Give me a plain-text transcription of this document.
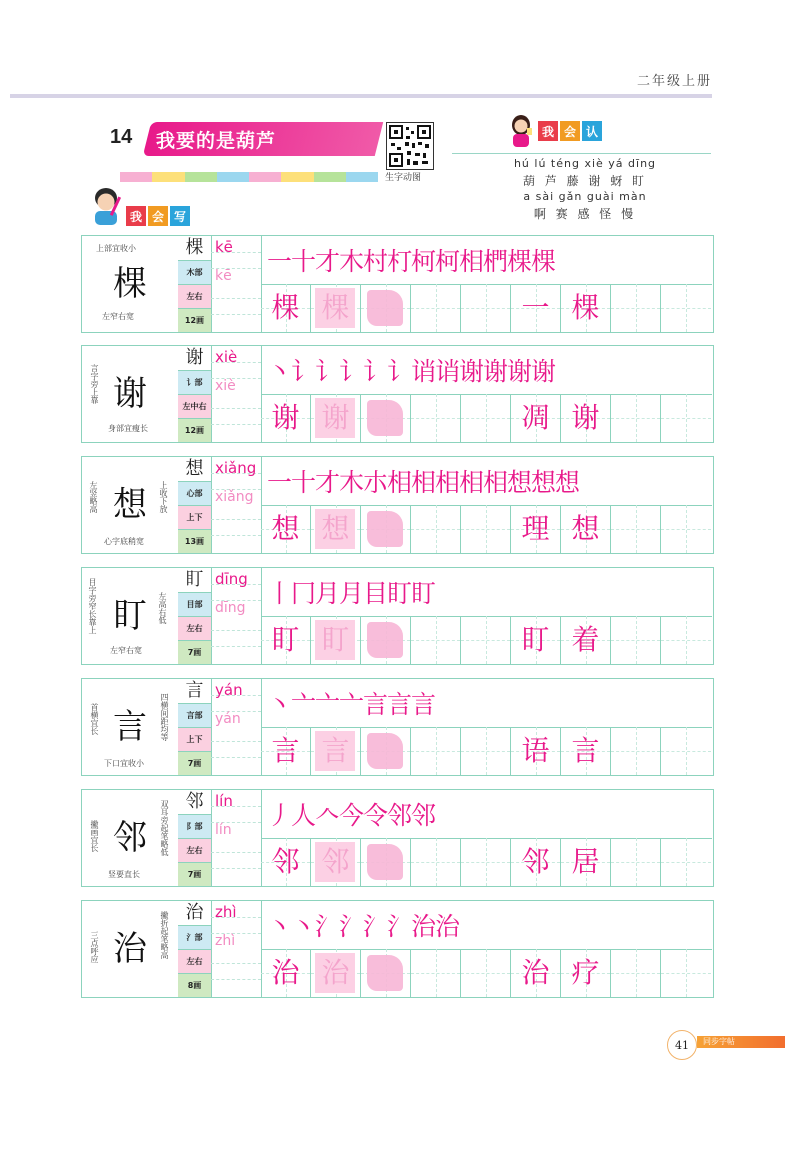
二年级上册
14 我要的是葫芦
生字动图
我 会 认
hú lú téng xiè yá dīng
葫 芦 藤 谢 蚜 盯
a sài gǎn guài màn
啊 赛 感 怪 慢
我 会 写
棵
上部宜收小
左窄右宽
棵
木部
左右
12画
kē
kē 一十才木村朾柯柯相椚棵棵
棵 棵	一 棵
谢
言字旁上靠
身部宜瘦长
谢
讠部
左中右
12画
xiè
xiè 丶讠讠讠讠讠诮诮谢谢谢谢
谢 谢	凋 谢
想
左竖略高	上收下放
心字底稍宽
想
心部
上下
13画
xiǎng
xiǎng 一十才木朩相相相相相想想想
想 想	理 想
盯
目字旁窄长靠上	左高右低
左窄右宽
盯
目部
左右
7画
dīng
dīng 丨冂月月目盯盯
盯 盯	盯 着
言
首横宜长	四横间距均等
下口宜收小
言
言部
上下
7画
yán
yán 丶亠亠亠言言言
言 言	语 言
邻
撇画宜长	双耳旁起笔略低
竖要直长
邻
阝部
左右
7画
lín
lín 丿人𠆢今令邻邻
邻 邻	邻 居
治
三点呼应	撇折起笔略高 治
氵部
左右
8画
zhì
zhì 丶丶氵氵氵氵治治
治 治	治 疗
41	同步字帖
